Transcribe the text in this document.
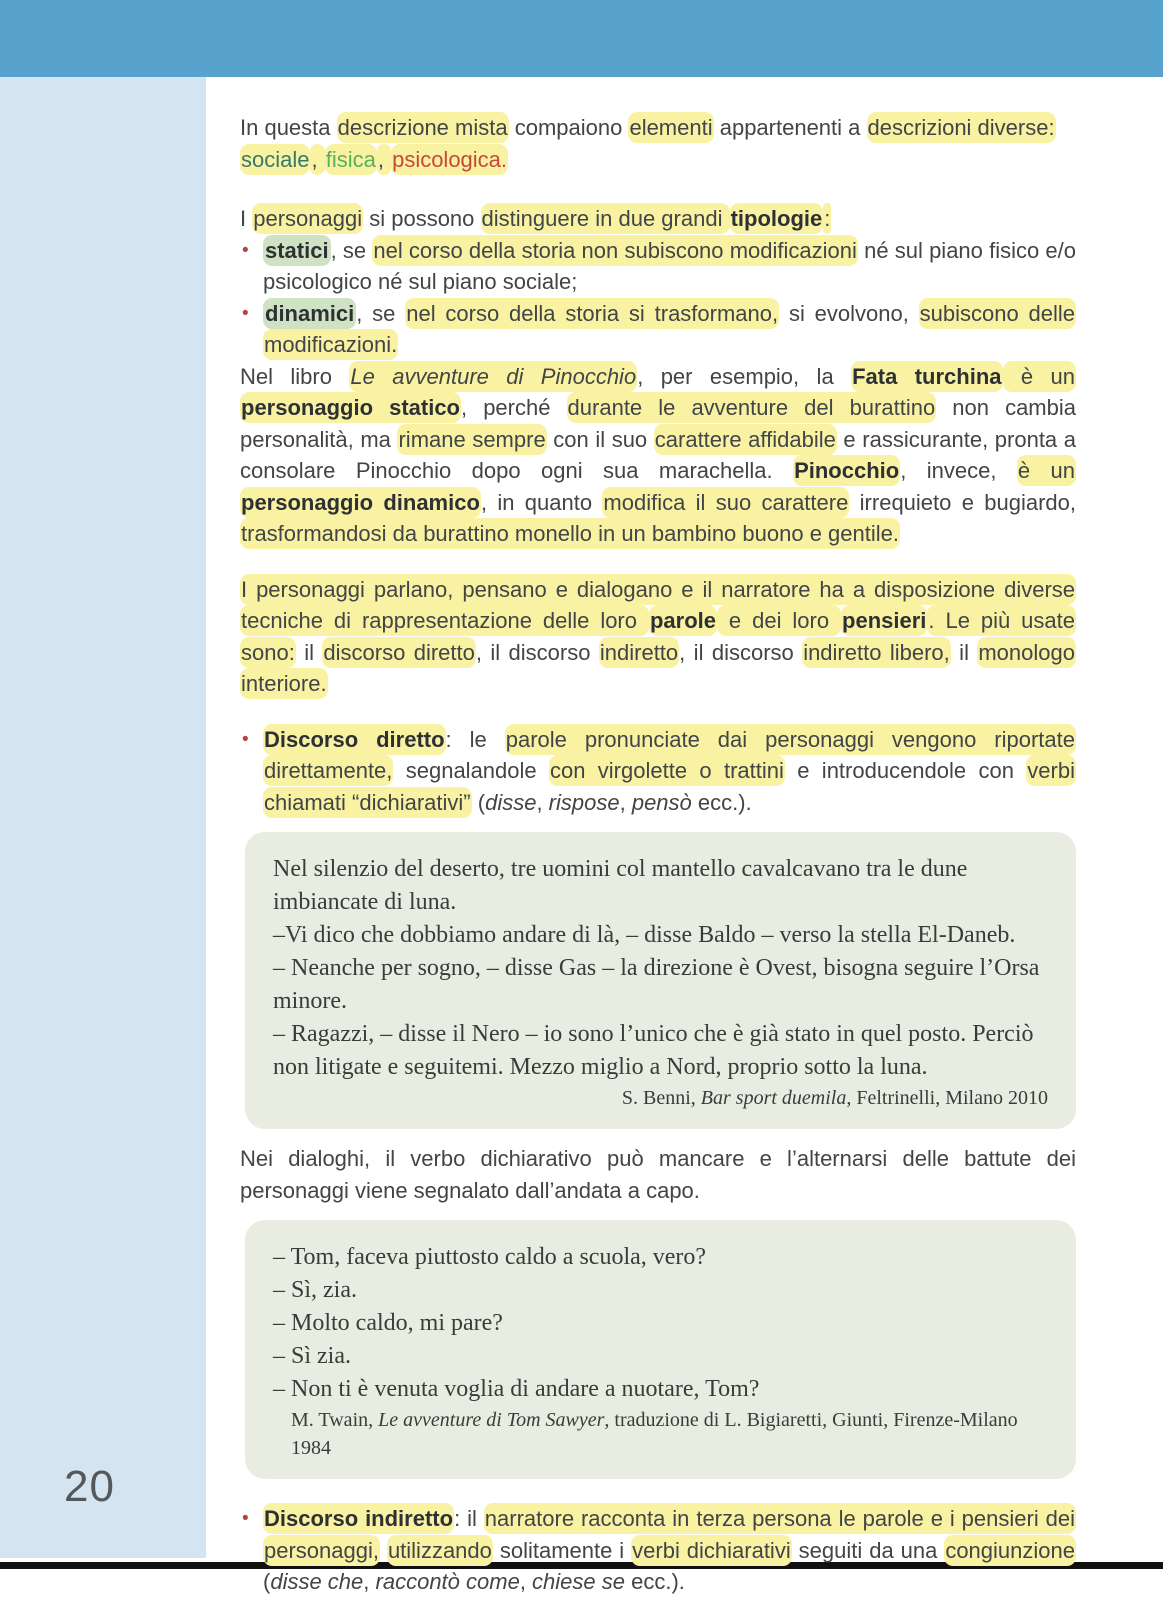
20

In questa descrizione mista compaiono elementi appartenenti a descrizioni diverse:
sociale, fisica, psicologica.

I personaggi si possono distinguere in due grandi tipologie:

• statici, se nel corso della storia non subiscono modificazioni né sul piano fisico e/o psicologico né sul piano sociale;
• dinamici, se nel corso della storia si trasformano, si evolvono, subiscono delle modificazioni.

Nel libro Le avventure di Pinocchio, per esempio, la Fata turchina è un personaggio statico, perché durante le avventure del burattino non cambia personalità, ma rimane sempre con il suo carattere affidabile e rassicurante, pronta a consolare Pinocchio dopo ogni sua marachella. Pinocchio, invece, è un personaggio dinamico, in quanto modifica il suo carattere irrequieto e bugiardo, trasformandosi da burattino monello in un bambino buono e gentile.

I personaggi parlano, pensano e dialogano e il narratore ha a disposizione diverse tecniche di rappresentazione delle loro parole e dei loro pensieri. Le più usate sono: il discorso diretto, il discorso indiretto, il discorso indiretto libero, il monologo interiore.

• Discorso diretto: le parole pronunciate dai personaggi vengono riportate direttamente, segnalandole con virgolette o trattini e introducendole con verbi chiamati “dichiarativi” (disse, rispose, pensò ecc.).
Nel silenzio del deserto, tre uomini col mantello cavalcavano tra le dune imbiancate di luna.
–Vi dico che dobbiamo andare di là, – disse Baldo – verso la stella El-Daneb.
– Neanche per sogno, – disse Gas – la direzione è Ovest, bisogna seguire l’Orsa minore.
– Ragazzi, – disse il Nero – io sono l’unico che è già stato in quel posto. Perciò non litigate e seguitemi. Mezzo miglio a Nord, proprio sotto la luna.
S. Benni, Bar sport duemila, Feltrinelli, Milano 2010

Nei dialoghi, il verbo dichiarativo può mancare e l’alternarsi delle battute dei personaggi viene segnalato dall’andata a capo.

– Tom, faceva piuttosto caldo a scuola, vero?
– Sì, zia.
– Molto caldo, mi pare?
– Sì zia.
– Non ti è venuta voglia di andare a nuotare, Tom?
M. Twain, Le avventure di Tom Sawyer, traduzione di L. Bigiaretti, Giunti, Firenze-Milano 1984
• Discorso indiretto: il narratore racconta in terza persona le parole e i pensieri dei personaggi, utilizzando solitamente i verbi dichiarativi seguiti da una congiunzione (disse che, raccontò come, chiese se ecc.).
